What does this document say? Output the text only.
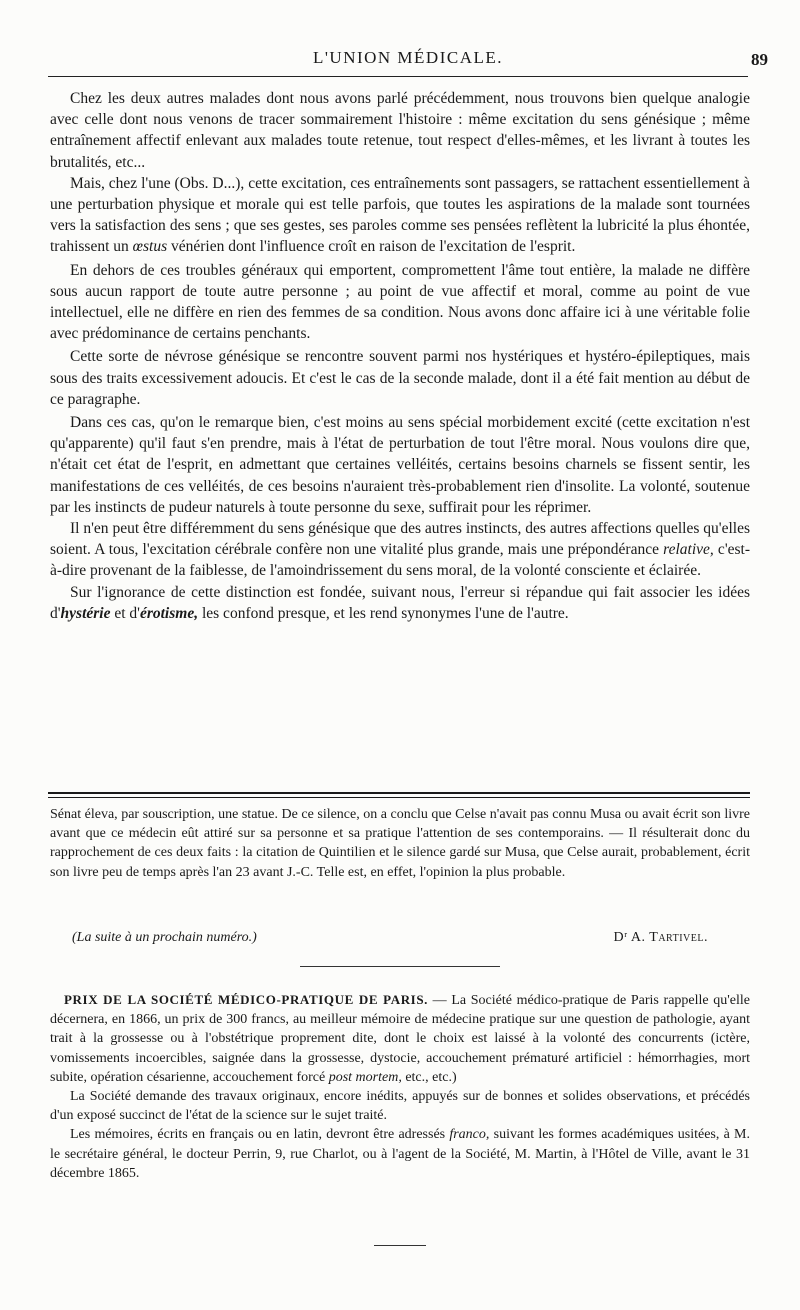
L'UNION MÉDICALE.	89

Chez les deux autres malades dont nous avons parlé précédemment, nous trouvons bien quelque analogie avec celle dont nous venons de tracer sommairement l'histoire : même excitation du sens génésique ; même entraînement affectif enlevant aux malades toute retenue, tout respect d'elles-mêmes, et les livrant à toutes les brutalités, etc...

Mais, chez l'une (Obs. D...), cette excitation, ces entraînements sont passagers, se rattachent essentiellement à une perturbation physique et morale qui est telle parfois, que toutes les aspirations de la malade sont tournées vers la satisfaction des sens ; que ses gestes, ses paroles comme ses pensées reflètent la lubricité la plus éhontée, trahissent un œstus vénérien dont l'influence croît en raison de l'excitation de l'esprit.

En dehors de ces troubles généraux qui emportent, compromettent l'âme tout entière, la malade ne diffère sous aucun rapport de toute autre personne ; au point de vue affectif et moral, comme au point de vue intellectuel, elle ne diffère en rien des femmes de sa condition. Nous avons donc affaire ici à une véritable folie avec prédominance de certains penchants.

Cette sorte de névrose génésique se rencontre souvent parmi nos hystériques et hystéro-épileptiques, mais sous des traits excessivement adoucis. Et c'est le cas de la seconde malade, dont il a été fait mention au début de ce paragraphe.

Dans ces cas, qu'on le remarque bien, c'est moins au sens spécial morbidement excité (cette excitation n'est qu'apparente) qu'il faut s'en prendre, mais à l'état de perturbation de tout l'être moral. Nous voulons dire que, n'était cet état de l'esprit, en admettant que certaines velléités, certains besoins charnels se fissent sentir, les manifestations de ces velléités, de ces besoins n'auraient très-probablement rien d'insolite. La volonté, soutenue par les instincts de pudeur naturels à toute personne du sexe, suffirait pour les réprimer.

Il n'en peut être différemment du sens génésique que des autres instincts, des autres affections quelles qu'elles soient. A tous, l'excitation cérébrale confère non une vitalité plus grande, mais une prépondérance relative, c'est-à-dire provenant de la faiblesse, de l'amoindrissement du sens moral, de la volonté consciente et éclairée.

Sur l'ignorance de cette distinction est fondée, suivant nous, l'erreur si répandue qui fait associer les idées d'hystérie et d'érotisme, les confond presque, et les rend synonymes l'une de l'autre.

Sénat éleva, par souscription, une statue. De ce silence, on a conclu que Celse n'avait pas connu Musa ou avait écrit son livre avant que ce médecin eût attiré sur sa personne et sa pratique l'attention de ses contemporains. — Il résulterait donc du rapprochement de ces deux faits : la citation de Quintilien et le silence gardé sur Musa, que Celse aurait, probablement, écrit son livre peu de temps après l'an 23 avant J.-C. Telle est, en effet, l'opinion la plus probable.

(La suite à un prochain numéro.)	Dʳ A. Tartivel.

PRIX DE LA SOCIÉTÉ MÉDICO-PRATIQUE DE PARIS. — La Société médico-pratique de Paris rappelle qu'elle décernera, en 1866, un prix de 300 francs, au meilleur mémoire de médecine pratique sur une question de pathologie, ayant trait à la grossesse ou à l'obstétrique proprement dite, dont le choix est laissé à la volonté des concurrents (ictère, vomissements incoercibles, saignée dans la grossesse, dystocie, accouchement prématuré artificiel : hémorrhagies, mort subite, opération césarienne, accouchement forcé post mortem, etc., etc.)

La Société demande des travaux originaux, encore inédits, appuyés sur de bonnes et solides observations, et précédés d'un exposé succinct de l'état de la science sur le sujet traité.

Les mémoires, écrits en français ou en latin, devront être adressés franco, suivant les formes académiques usitées, à M. le secrétaire général, le docteur Perrin, 9, rue Charlot, ou à l'agent de la Société, M. Martin, à l'Hôtel de Ville, avant le 31 décembre 1865.
